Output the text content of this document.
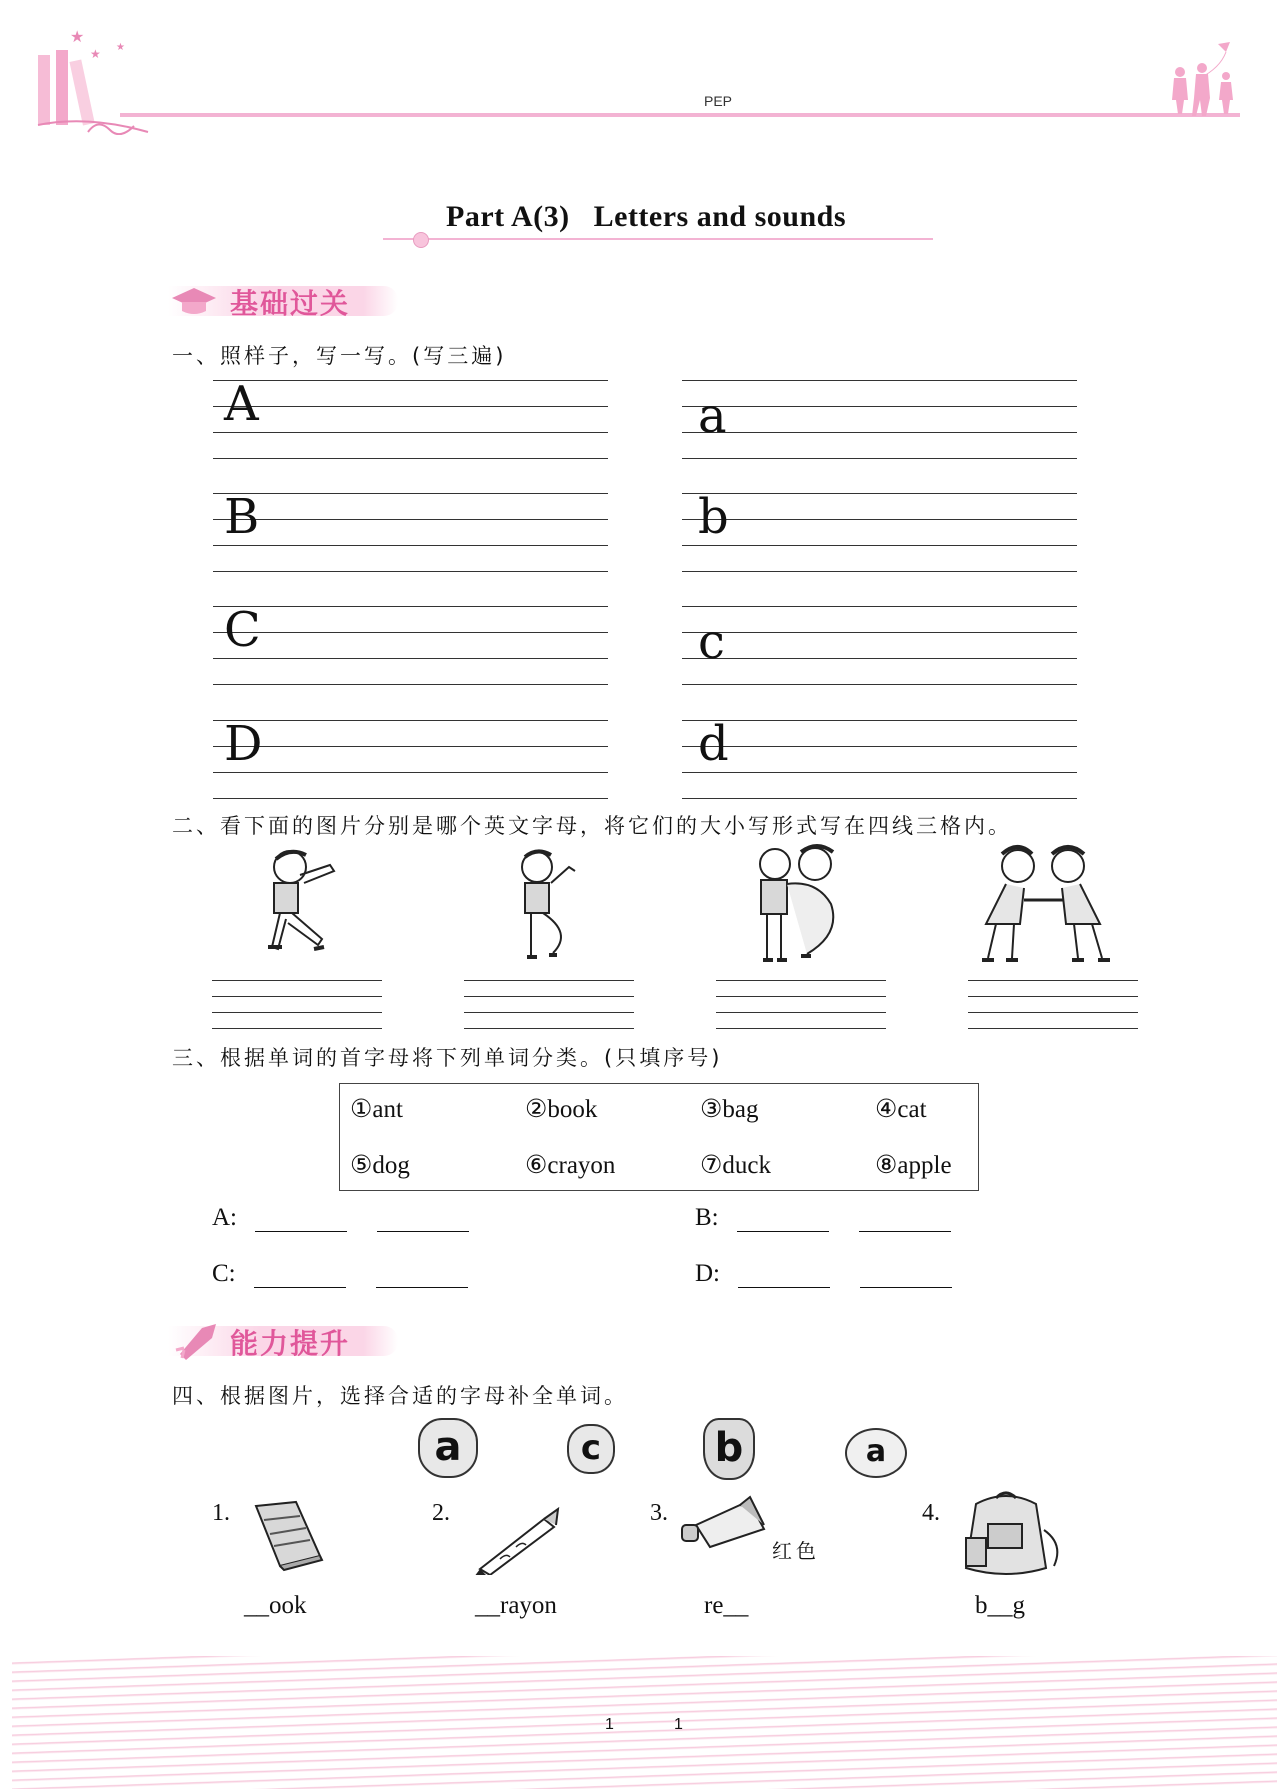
★
★ ★
PEP
Part A(3)   Letters and sounds
基础过关
一、照样子，写一写。(写三遍)
A
B
C
D
a
b
c
d
二、看下面的图片分别是哪个英文字母，将它们的大小写形式写在四线三格内。
三、根据单词的首字母将下列单词分类。(只填序号)
①ant	②book	③bag	④cat
⑤dog	⑥crayon	⑦duck	⑧apple
A:	B:
C:	D:
能力提升
四、根据图片，选择合适的字母补全单词。
a	c	b	a
1.	2.	3.	4.
红色
__ook	__rayon	re__	b__g
1	1
